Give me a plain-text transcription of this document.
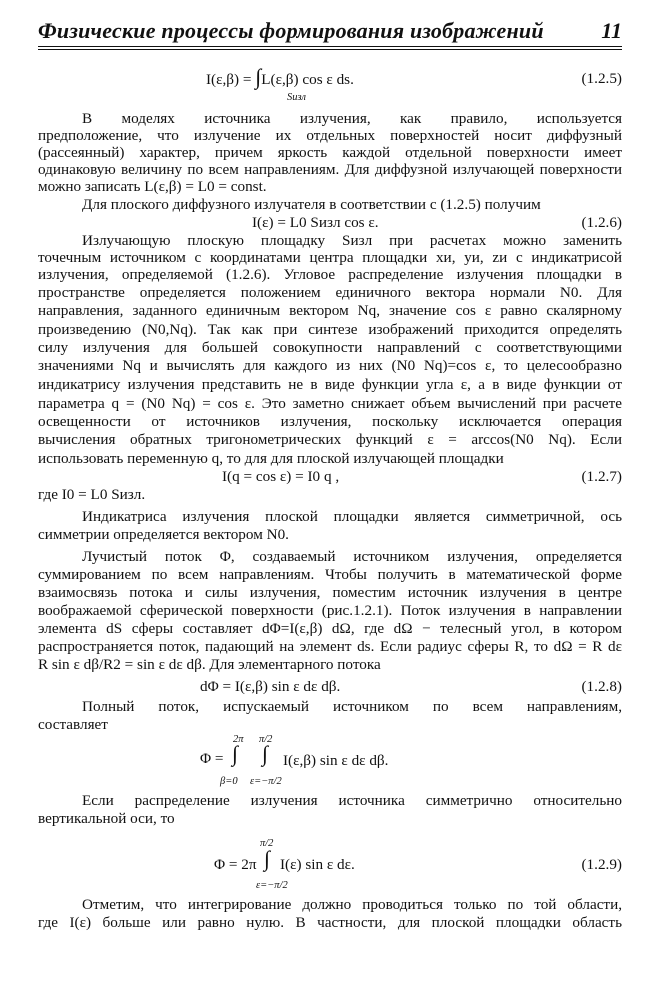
Физические процессы формирования изображений	11
I(ε,β) = ∫L(ε,β) cos ε ds.
Sизл
(1.2.5)
В моделях источника излучения, как правило, используется
предположение, что излучение их отдельных поверхностей носит диффузный
(рассеянный) характер, причем яркость каждой отдельной поверхности имеет
одинаковую величину по всем направлениям. Для диффузной излучающей поверхности
можно записать L(ε,β) = L0 = const.
Для плоского диффузного излучателя в соответствии с (1.2.5) получим
I(ε) = L0 Sизл cos ε.	(1.2.6)
Излучающую плоскую площадку Sизл при расчетах можно заменить
точечным источником с координатами центра площадки xи, yи, zи с индикатрисой
излучения, определяемой (1.2.6). Угловое распределение излучения площадки в
пространстве определяется положением единичного вектора нормали N0. Для
направления, заданного единичным вектором Nq, значение cos ε равно скалярному
произведению (N0,Nq). Так как при синтезе изображений приходится определять
силу излучения для большей совокупности направлений с соответствующими
значениями Nq и вычислять для каждого из них (N0 Nq)=cos ε, то целесообразно
индикатрису излучения представить не в виде функции угла ε, а в виде функции от
параметра q = (N0 Nq) = cos ε. Это заметно снижает объем вычислений при расчете
освещенности от источников излучения, поскольку исключается операция
вычисления обратных тригонометрических функций ε = arccos(N0 Nq). Если
использовать переменную q, то для для плоской излучающей площадки
I(q = cos ε) = I0 q ,	(1.2.7)
где I0 = L0 Sизл.
Индикатриса излучения плоской площадки является симметричной, ось
симметрии определяется вектором N0.
Лучистый поток Φ, создаваемый источником излучения, определяется
суммированием по всем направлениям. Чтобы получить в математической форме
взаимосвязь потока и силы излучения, поместим источник излучения в центре
воображаемой сферической поверхности (рис.1.2.1). Поток излучения в направлении
элемента dS сферы составляет dΦ=I(ε,β) dΩ, где dΩ − телесный угол, в котором
распространяется поток, падающий на элемент ds. Если радиус сферы R, то dΩ = R dε
R sin ε dβ/R2 = sin ε dε dβ. Для элементарного потока
dΦ = I(ε,β) sin ε dε dβ.	(1.2.8)
Полный поток, испускаемый источником по всем направлениям,
составляет
2π π/2
Φ = ∫ ∫ I(ε,β) sin ε dε dβ.
β=0 ε=−π/2
Если распределение излучения источника симметрично относительно
вертикальной оси, то
π/2
Φ = 2π ∫ I(ε) sin ε dε.
ε=−π/2
(1.2.9)
Отметим, что интегрирование должно проводиться только по той области,
где I(ε) больше или равно нулю. В частности, для плоской площадки область
